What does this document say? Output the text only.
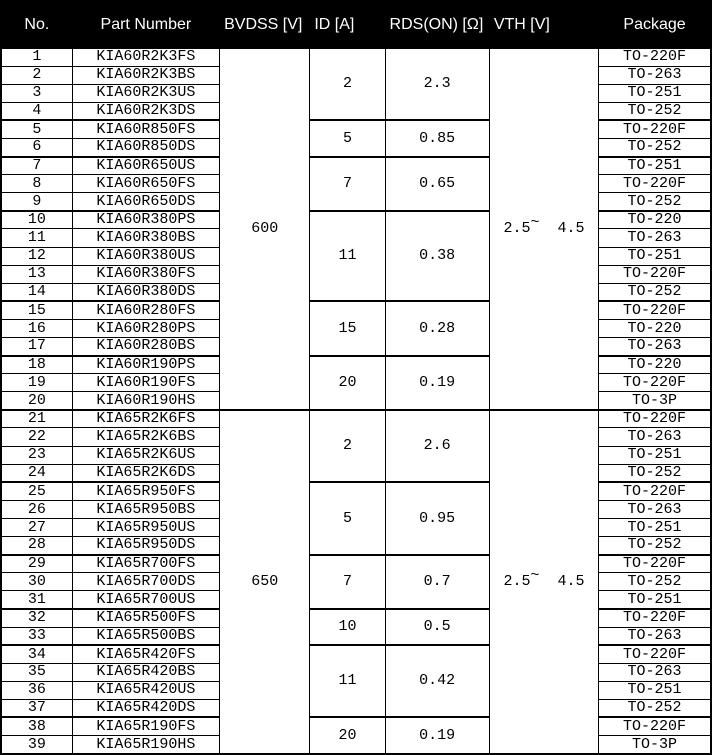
No.	Part Number	BVDSS [V]	ID [A]	RDS(ON) [Ω]	VTH [V]	Package
1	KIA60R2K3FS	600	2	2.3	2.5~  4.5	TO-220F
2	KIA60R2K3BS					TO-263
3	KIA60R2K3US					TO-251
4	KIA60R2K3DS					TO-252
5	KIA60R850FS		5	0.85		TO-220F
6	KIA60R850DS					TO-252
7	KIA60R650US		7	0.65		TO-251
8	KIA60R650FS					TO-220F
9	KIA60R650DS					TO-252
10	KIA60R380PS		11	0.38		TO-220
11	KIA60R380BS					TO-263
12	KIA60R380US					TO-251
13	KIA60R380FS					TO-220F
14	KIA60R380DS					TO-252
15	KIA60R280FS		15	0.28		TO-220F
16	KIA60R280PS					TO-220
17	KIA60R280BS					TO-263
18	KIA60R190PS		20	0.19		TO-220
19	KIA60R190FS					TO-220F
20	KIA60R190HS					TO-3P
21	KIA65R2K6FS	650	2	2.6	2.5~  4.5	TO-220F
22	KIA65R2K6BS					TO-263
23	KIA65R2K6US					TO-251
24	KIA65R2K6DS					TO-252
25	KIA65R950FS		5	0.95		TO-220F
26	KIA65R950BS					TO-263
27	KIA65R950US					TO-251
28	KIA65R950DS					TO-252
29	KIA65R700FS		7	0.7		TO-220F
30	KIA65R700DS					TO-252
31	KIA65R700US					TO-251
32	KIA65R500FS		10	0.5		TO-220F
33	KIA65R500BS					TO-263
34	KIA65R420FS		11	0.42		TO-220F
35	KIA65R420BS					TO-263
36	KIA65R420US					TO-251
37	KIA65R420DS					TO-252
38	KIA65R190FS		20	0.19		TO-220F
39	KIA65R190HS					TO-3P
